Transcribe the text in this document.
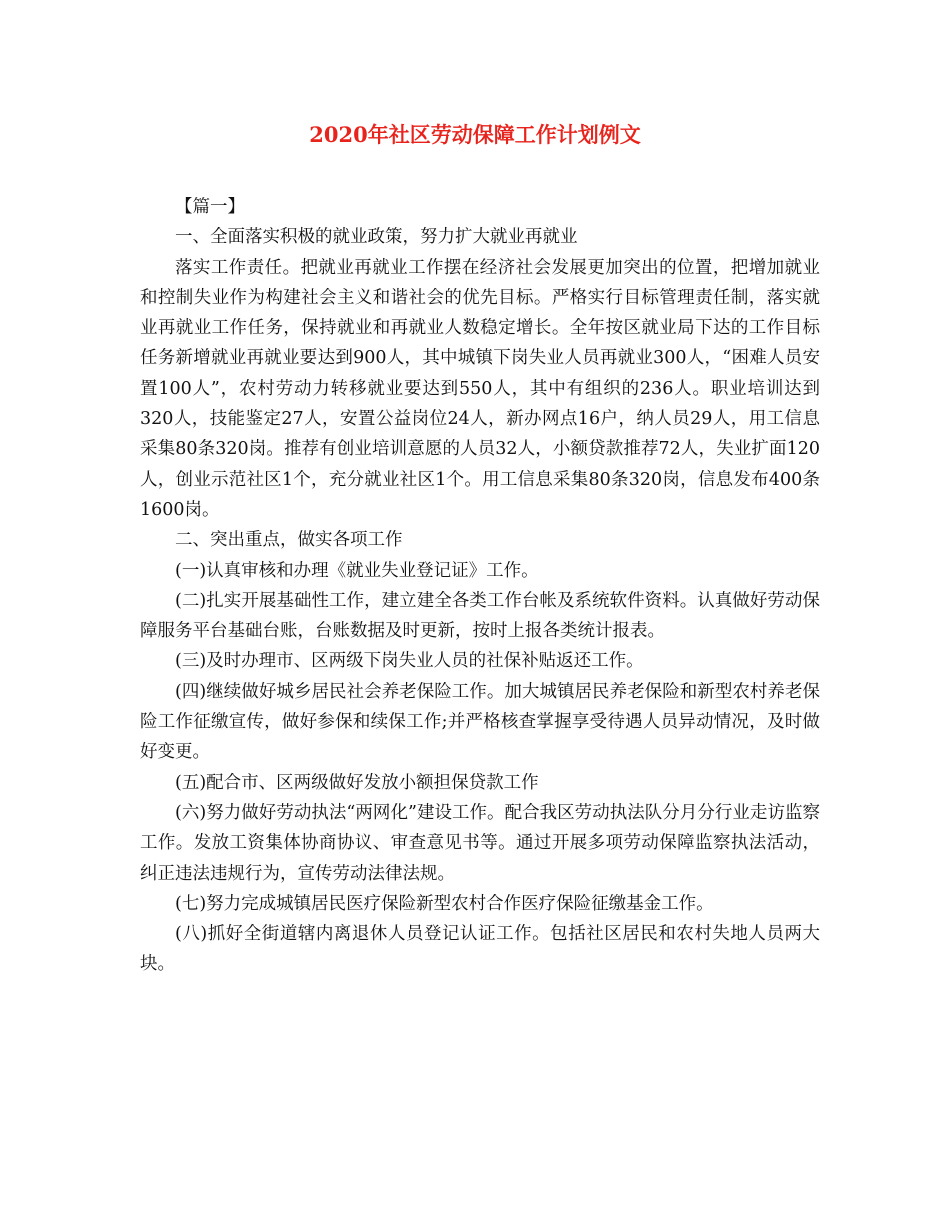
2020年社区劳动保障工作计划例文

【篇一】

一、全面落实积极的就业政策，努力扩大就业再就业

落实工作责任。把就业再就业工作摆在经济社会发展更加突出的位置，把增加就业和控制失业作为构建社会主义和谐社会的优先目标。严格实行目标管理责任制，落实就业再就业工作任务，保持就业和再就业人数稳定增长。全年按区就业局下达的工作目标任务新增就业再就业要达到900人，其中城镇下岗失业人员再就业300人，“困难人员安置100人”，农村劳动力转移就业要达到550人，其中有组织的236人。职业培训达到320人，技能鉴定27人，安置公益岗位24人，新办网点16户，纳人员29人，用工信息采集80条320岗。推荐有创业培训意愿的人员32人，小额贷款推荐72人，失业扩面120人，创业示范社区1个，充分就业社区1个。用工信息采集80条320岗，信息发布400条1600岗。

二、突出重点，做实各项工作

(一)认真审核和办理《就业失业登记证》工作。

(二)扎实开展基础性工作，建立建全各类工作台帐及系统软件资料。认真做好劳动保障服务平台基础台账，台账数据及时更新，按时上报各类统计报表。

(三)及时办理市、区两级下岗失业人员的社保补贴返还工作。

(四)继续做好城乡居民社会养老保险工作。加大城镇居民养老保险和新型农村养老保险工作征缴宣传，做好参保和续保工作;并严格核查掌握享受待遇人员异动情况，及时做好变更。

(五)配合市、区两级做好发放小额担保贷款工作

(六)努力做好劳动执法“两网化”建设工作。配合我区劳动执法队分月分行业走访监察工作。发放工资集体协商协议、审查意见书等。通过开展多项劳动保障监察执法活动，纠正违法违规行为，宣传劳动法律法规。

(七)努力完成城镇居民医疗保险新型农村合作医疗保险征缴基金工作。

(八)抓好全街道辖内离退休人员登记认证工作。包括社区居民和农村失地人员两大块。
